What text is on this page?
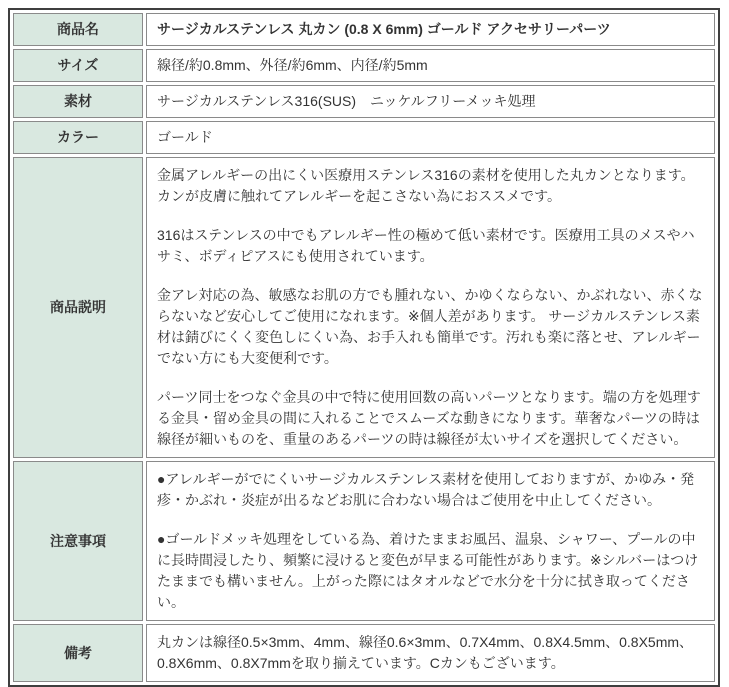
商品名	サージカルステンレス 丸カン (0.8 X 6mm) ゴールド アクセサリーパーツ
サイズ	線径/約0.8mm、外径/約6mm、内径/約5mm
素材	サージカルステンレス316(SUS)　ニッケルフリーメッキ処理
カラー	ゴールド
商品説明	金属アレルギーの出にくい医療用ステンレス316の素材を使用した丸カンとなります。カンが皮膚に触れてアレルギーを起こさない為におススメです。

316はステンレスの中でもアレルギー性の極めて低い素材です。医療用工具のメスやハサミ、ボディピアスにも使用されています。

金アレ対応の為、敏感なお肌の方でも腫れない、かゆくならない、かぶれない、赤くならないなど安心してご使用になれます。※個人差があります。 サージカルステンレス素材は錆びにくく変色しにくい為、お手入れも簡単です。汚れも楽に落とせ、アレルギーでない方にも大変便利です。

パーツ同士をつなぐ金具の中で特に使用回数の高いパーツとなります。端の方を処理する金具・留め金具の間に入れることでスムーズな動きになります。華奢なパーツの時は線径が細いものを、重量のあるパーツの時は線径が太いサイズを選択してください。

注意事項	●アレルギーがでにくいサージカルステンレス素材を使用しておりますが、かゆみ・発疹・かぶれ・炎症が出るなどお肌に合わない場合はご使用を中止してください。

●ゴールドメッキ処理をしている為、着けたままお風呂、温泉、シャワー、プールの中に長時間浸したり、頻繁に浸けると変色が早まる可能性があります。※シルバーはつけたままでも構いません。上がった際にはタオルなどで水分を十分に拭き取ってください。

備考	丸カンは線径0.5×3mm、4mm、線径0.6×3mm、0.7X4mm、0.8X4.5mm、0.8X5mm、0.8X6mm、0.8X7mmを取り揃えています。Cカンもございます。
